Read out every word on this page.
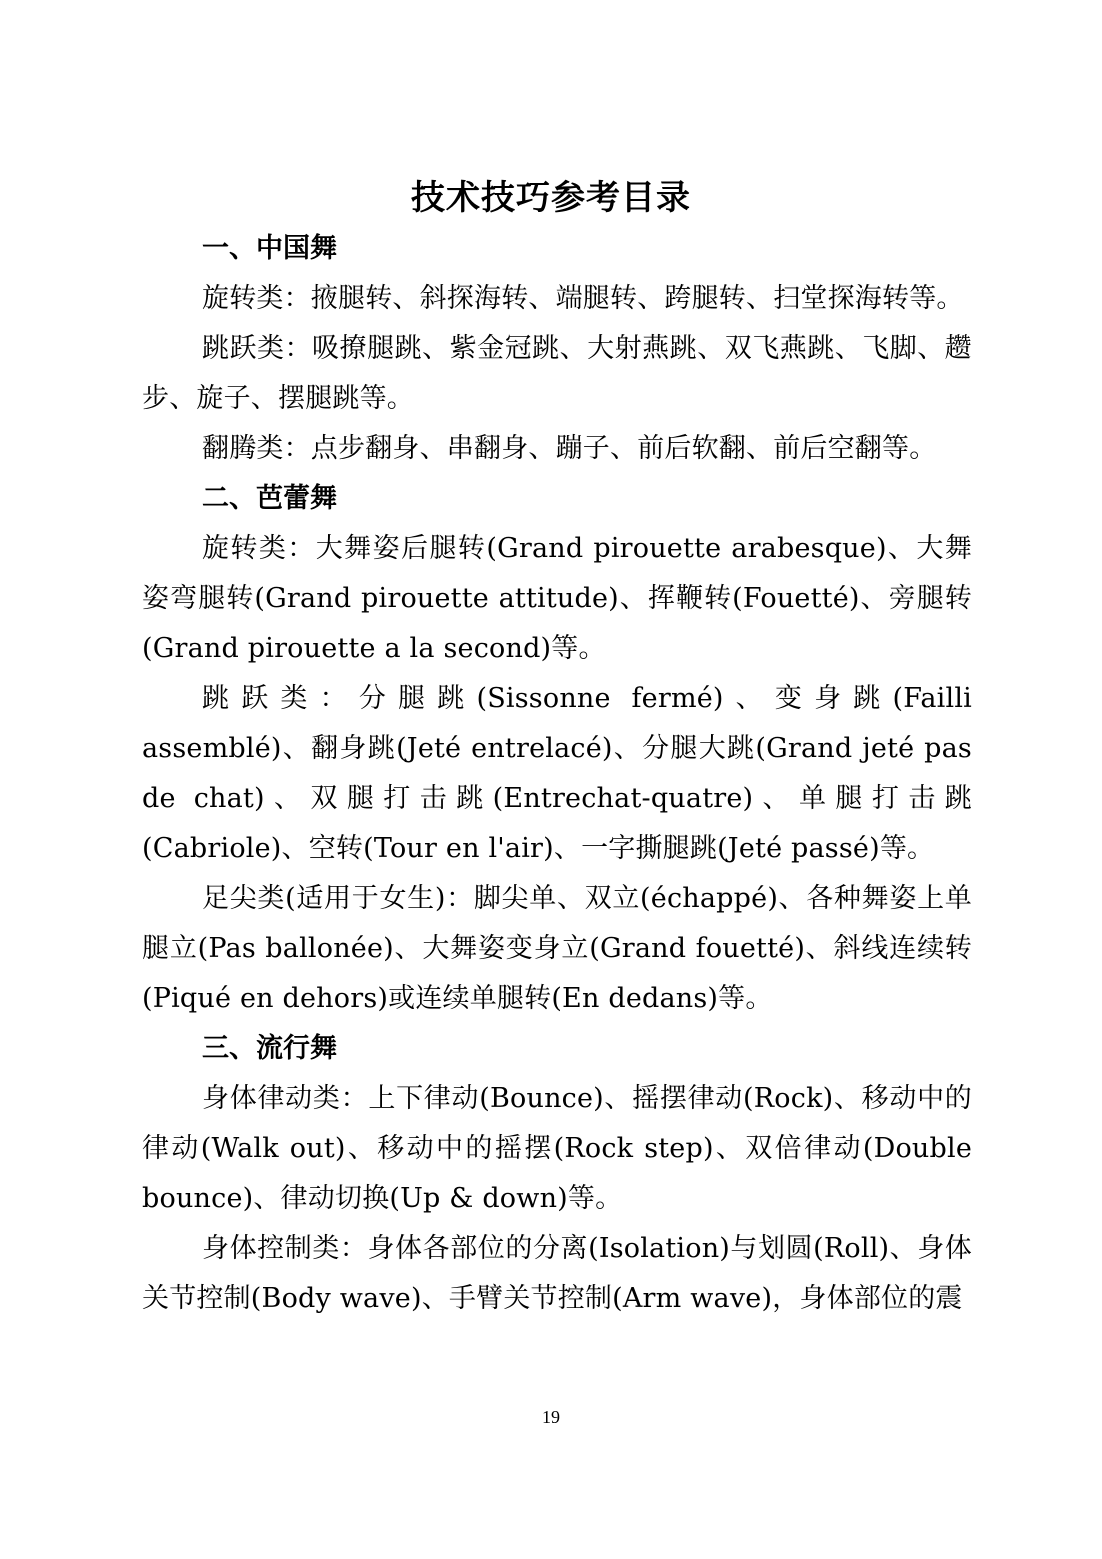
技术技巧参考目录

一、中国舞

旋转类：掖腿转、斜探海转、端腿转、跨腿转、扫堂探海转等。

跳跃类：吸撩腿跳、紫金冠跳、大射燕跳、双飞燕跳、飞脚、趱步、旋子、摆腿跳等。

翻腾类：点步翻身、串翻身、蹦子、前后软翻、前后空翻等。

二、芭蕾舞

旋转类：大舞姿后腿转(Grand pirouette arabesque)、大舞姿弯腿转(Grand pirouette attitude)、挥鞭转(Fouetté)、旁腿转(Grand pirouette a la second)等。

跳跃类：分腿跳(Sissonne fermé)、变身跳(Failli assemblé)、翻身跳(Jeté entrelacé)、分腿大跳(Grand jeté pas de chat)、双腿打击跳(Entrechat-quatre)、单腿打击跳(Cabriole)、空转(Tour en l'air)、一字撕腿跳(Jeté passé)等。

足尖类(适用于女生)：脚尖单、双立(échappé)、各种舞姿上单腿立(Pas ballonée)、大舞姿变身立(Grand fouetté)、斜线连续转(Piqué en dehors)或连续单腿转(En dedans)等。

三、流行舞

身体律动类：上下律动(Bounce)、摇摆律动(Rock)、移动中的律动(Walk out)、移动中的摇摆(Rock step)、双倍律动(Double bounce)、律动切换(Up & down)等。

身体控制类：身体各部位的分离(Isolation)与划圆(Roll)、身体关节控制(Body wave)、手臂关节控制(Arm wave)，身体部位的震

19
